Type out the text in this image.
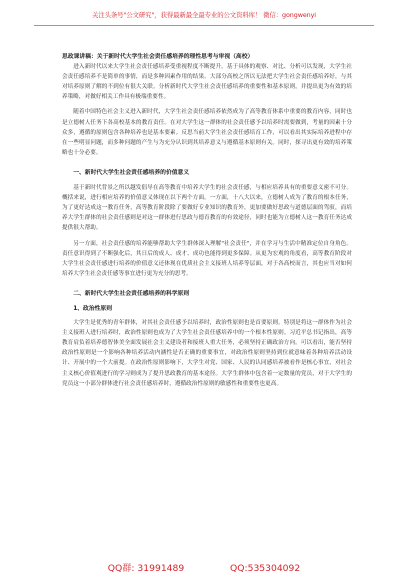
关注头条号"公文研究"，获得最新最全最专业的公文资料库！ 微信：gongwenyi
思政课讲稿：关于新时代大学生社会责任感培养的理性思考与审视（高校）

进入新时代以来大学生社会责任感培养受重视程度不断提升。基于具体的观察、对比、分析可以发现，大学生社会责任感培养不是简单的事情，而是多种因素作用的结果。大部分高校之所以无法把大学生社会责任感培养好，与其对培养原则了解的不到位有很大关联。分析新时代大学生社会责任感培养的重要性和基本原则，并提出更为有效的培养策略，对做好相关工作具有极端重要性。

随着中国特色社会主义进入新时代，大学生社会责任感培养依然成为了高等教育体系中重要的教育内容，同时也是立德树人任务下各高校基本的教育责任。在对大学生这一群体的社会责任感予以培养时需要做到，考量的因素十分众多，遵循的原则包含各种培养也是基本要素。反思当前大学生社会责任感培育工作，可以看出其实际培养进程中存在一些明显问题，而多种问题的产生与为充分认识到其培养意义与遵循基本原则有关。同时，探寻出更有效的培养策略也十分必要。

一、新时代大学生社会责任感培养的价值意义

基于新时代背景之所以越发倡导在高等教育中培养大学生的社会责任感，与相应培养具有的重要意义密不可分。概括来说，进行相应培养的价值意义体现在以下两个方面。一方面，十八大以来，立德树人成为了教育的根本任务，为了更好达成这一教育任务，高等教育阶段除了要做好专业知识的教育外，更加要做好思政与道德层面的驾驭，而培养大学生群体的社会责任感则是对这一群体进行思政与德育教育的有效途径，同时也能为立德树人这一教育任务达成提供很大帮助。

另一方面，社会责任感的培养能够帮助大学生群体深入理解"社会责任"，并在学习与生活中精准定位自身角色。责任意识得到了不断强化后，其日后的成人、成才、成功也能得到更多保障。从更为宏观的角度看，高等教育阶段对大学生社会责任感进行培养的价值意义还体现在优质社会主义接班人培养等层面，对于各高校而言，其也应当对如何培养大学生社会责任感等事宜进行更为充分的思考。

二、新时代大学生社会责任感培养的科学原则
1、政治性原则

大学生是优秀的青年群体，对其社会责任感予以培养时，政治性原则也是首要原则。特别是将这一群体作为社会主义接班人进行培养时，政治性原则也成为了大学生社会责任感培养中的一个根本性原则。习近平总书记指出，高等教育肩负着培养德智体美全面发展社会主义建设者和接班人重大任务，必须坚持正确政治方向。可以看出，能否坚持政治性原则是一个影响各种培养活动内涵性是否正确的重要事宜，对政治性原则坚持到位就意味着各种培养活动设计、开展中的一个大前提。在政治性原则影响下，大学生对党、国家、人民的认同感培养被看作是核心事宜，对社会主义核心价值观进行的学习则成为了提升思政教育的基本途径。大学生群体中包含着一定数量的党员，对于大学生的党员这一小部分群体进行社会责任感培养时，遵循政治性原则的敏感性和重要性也更高。

QQ群: 31991489	QQ:535304092
